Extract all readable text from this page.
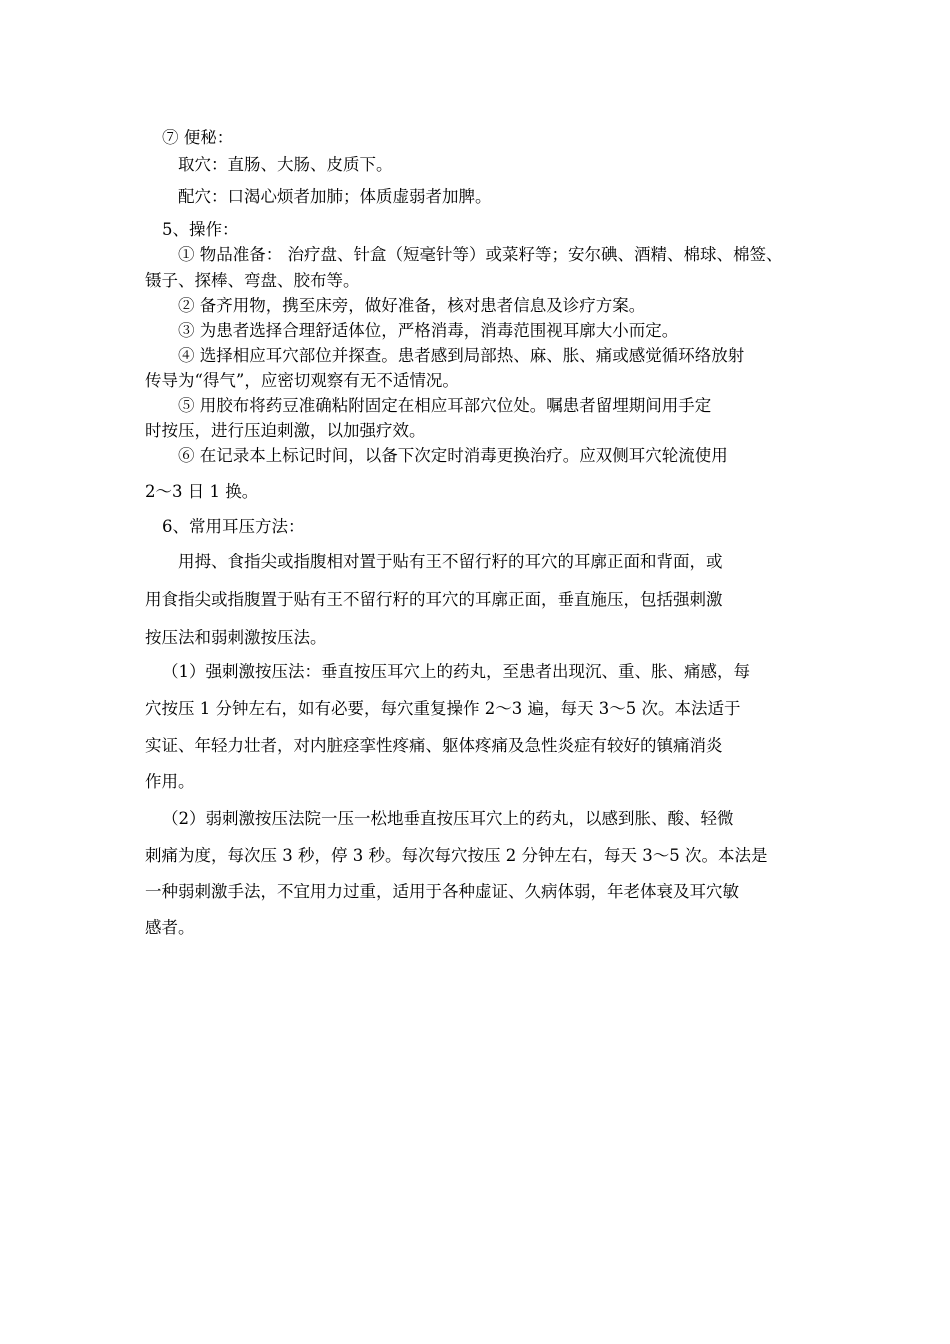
⑦ 便秘：
取穴：直肠、大肠、皮质下。
配穴：口渴心烦者加肺；体质虚弱者加脾。
5、操作：
① 物品准备： 治疗盘、针盒（短毫针等）或菜籽等；安尔碘、酒精、棉球、棉签、
镊子、探棒、弯盘、胶布等。
② 备齐用物，携至床旁，做好准备，核对患者信息及诊疗方案。
③ 为患者选择合理舒适体位，严格消毒，消毒范围视耳廓大小而定。
④ 选择相应耳穴部位并探查。患者感到局部热、麻、胀、痛或感觉循环络放射
传导为“得气”，应密切观察有无不适情况。
⑤ 用胶布将药豆准确粘附固定在相应耳部穴位处。嘱患者留埋期间用手定
时按压，进行压迫刺激，以加强疗效。
⑥ 在记录本上标记时间，以备下次定时消毒更换治疗。应双侧耳穴轮流使用
2～3 日 1 换。
6、常用耳压方法：
用拇、食指尖或指腹相对置于贴有王不留行籽的耳穴的耳廓正面和背面，或
用食指尖或指腹置于贴有王不留行籽的耳穴的耳廓正面，垂直施压，包括强刺激
按压法和弱刺激按压法。
（1）强刺激按压法：垂直按压耳穴上的药丸，至患者出现沉、重、胀、痛感，每
穴按压 1 分钟左右，如有必要，每穴重复操作 2～3 遍，每天 3～5 次。本法适于
实证、年轻力壮者，对内脏痉挛性疼痛、躯体疼痛及急性炎症有较好的镇痛消炎
作用。
（2）弱刺激按压法院一压一松地垂直按压耳穴上的药丸，以感到胀、酸、轻微
刺痛为度，每次压 3 秒，停 3 秒。每次每穴按压 2 分钟左右，每天 3～5 次。本法是
一种弱刺激手法，不宜用力过重，适用于各种虚证、久病体弱，年老体衰及耳穴敏
感者。
